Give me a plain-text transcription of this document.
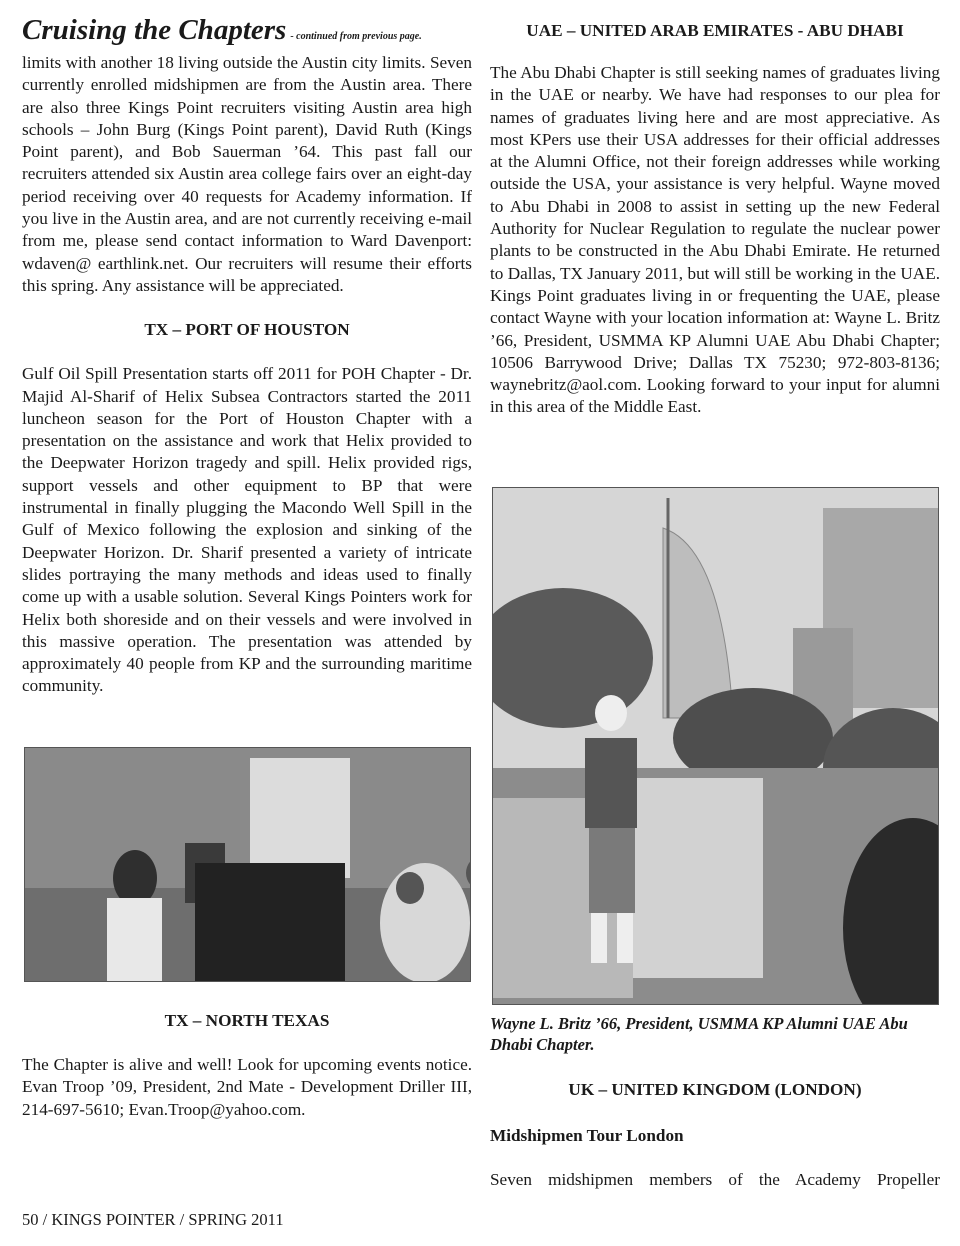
Cruising the Chapters - continued from previous page.

limits with another 18 living outside the Austin city limits. Seven currently enrolled midshipmen are from the Austin area. There are also three Kings Point recruiters visiting Austin area high schools – John Burg (Kings Point parent), David Ruth (Kings Point parent), and Bob Sauerman ’64. This past fall our recruiters attended six Austin area college fairs over an eight-day period receiving over 40 requests for Academy information. If you live in the Austin area, and are not currently receiving e-mail from me, please send contact information to Ward Davenport: wdaven@ earthlink.net. Our recruiters will resume their efforts this spring. Any assistance will be appreciated.

TX – PORT OF HOUSTON

Gulf Oil Spill Presentation starts off 2011 for POH Chapter - Dr. Majid Al-Sharif of Helix Subsea Contractors started the 2011 luncheon season for the Port of Houston Chapter with a presentation on the assistance and work that Helix provided to the Deepwater Horizon tragedy and spill. Helix provided rigs, support vessels and other equipment to BP that were instrumental in finally plugging the Macondo Well Spill in the Gulf of Mexico following the explosion and sinking of the Deepwater Horizon. Dr. Sharif presented a variety of intricate slides portraying the many methods and ideas used to finally come up with a usable solution. Several Kings Pointers work for Helix both shoreside and on their vessels and were involved in this massive operation. The presentation was attended by approximately 40 people from KP and the surrounding maritime community.

TX – NORTH TEXAS

The Chapter is alive and well! Look for upcoming events notice. Evan Troop ’09, President, 2nd Mate - Development Driller III, 214-697-5610; Evan.Troop@yahoo.com.

UAE – UNITED ARAB EMIRATES - ABU DHABI

The Abu Dhabi Chapter is still seeking names of graduates living in the UAE or nearby. We have had responses to our plea for names of graduates living here and are most appreciative. As most KPers use their USA addresses for their official addresses at the Alumni Office, not their foreign addresses while working outside the USA, your assistance is very helpful. Wayne moved to Abu Dhabi in 2008 to assist in setting up the new Federal Authority for Nuclear Regulation to regulate the nuclear power plants to be constructed in the Abu Dhabi Emirate. He returned to Dallas, TX January 2011, but will still be working in the UAE. Kings Point graduates living in or frequenting the UAE, please contact Wayne with your location information at: Wayne L. Britz ’66, President, USMMA KP Alumni UAE Abu Dhabi Chapter; 10506 Barrywood Drive; Dallas TX 75230; 972-803-8136; waynebritz@aol.com. Looking forward to your input for alumni in this area of the Middle East.

Wayne L. Britz ’66, President, USMMA KP Alumni UAE Abu Dhabi Chapter.

UK – UNITED KINGDOM (LONDON)

Midshipmen Tour London

Seven midshipmen members of the Academy Propeller

50 / KINGS POINTER / SPRING 2011
